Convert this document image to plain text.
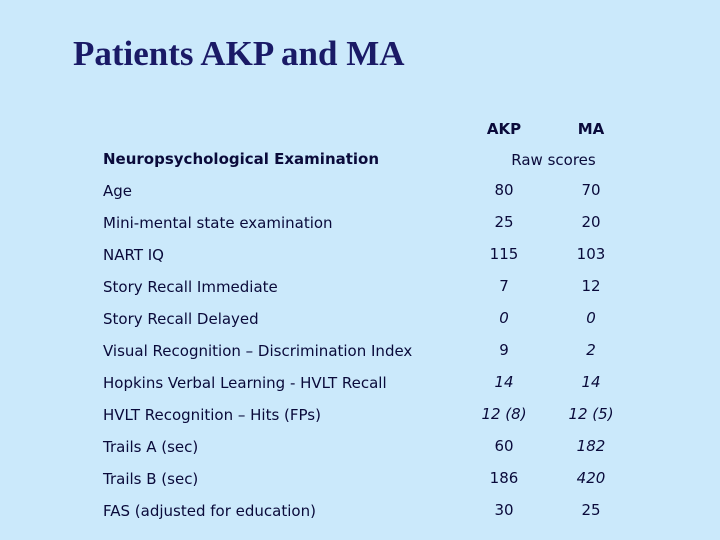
Patients AKP and MA
AKP	MA
Neuropsychological Examination	Raw scores
Age	80	70
Mini-mental state examination	25	20
NART IQ	115	103
Story Recall Immediate	7	12
Story Recall Delayed	0	0
Visual Recognition – Discrimination Index	9	2
Hopkins Verbal Learning - HVLT Recall	14	14
HVLT Recognition – Hits (FPs)	12 (8)	12 (5)
Trails A (sec)	60	182
Trails B (sec)	186	420
FAS (adjusted for education)	30	25
